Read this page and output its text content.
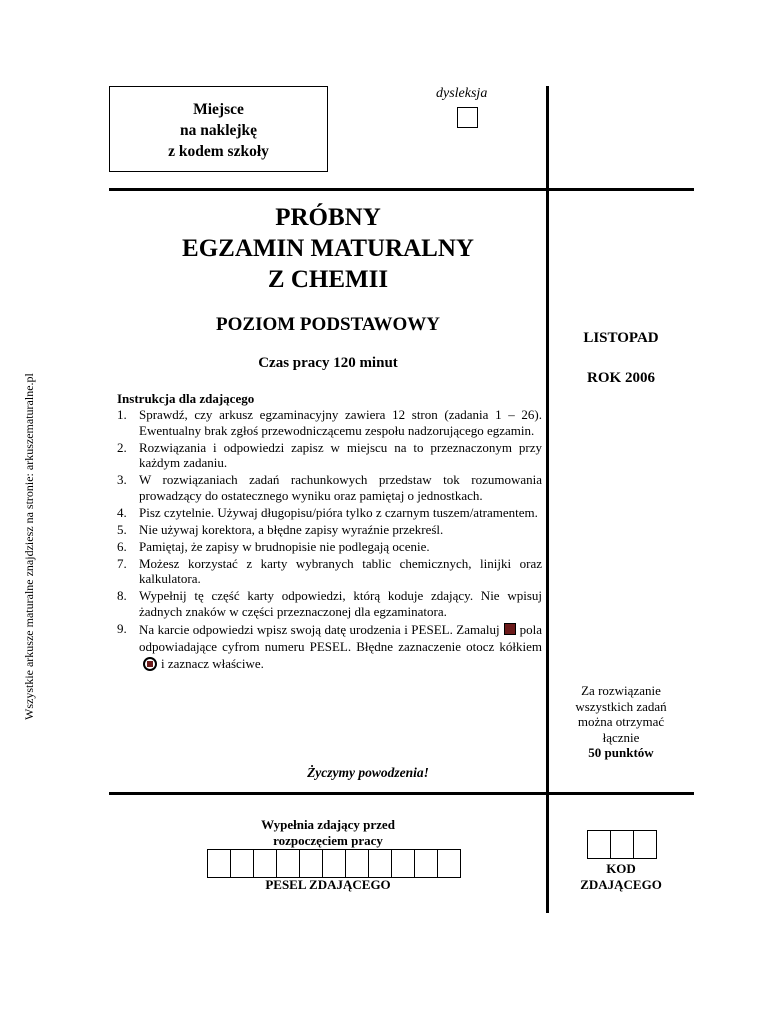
Wszystkie arkusze maturalne znajdziesz na stronie: arkuszematuralne.pl
Miejsce
na naklejkę
z kodem szkoły
dysleksja
PRÓBNY
EGZAMIN MATURALNY
Z CHEMII
POZIOM PODSTAWOWY
Czas pracy 120 minut
LISTOPAD
ROK 2006
Za rozwiązanie
wszystkich zadań
można otrzymać
łącznie
50 punktów
Instrukcja dla zdającego
1. Sprawdź, czy arkusz egzaminacyjny zawiera 12 stron (zadania 1 – 26). Ewentualny brak zgłoś przewodniczącemu zespołu nadzorującego egzamin.
2. Rozwiązania i odpowiedzi zapisz w miejscu na to przeznaczonym przy każdym zadaniu.
3. W rozwiązaniach zadań rachunkowych przedstaw tok rozumowania prowadzący do ostatecznego wyniku oraz pamiętaj o jednostkach.
4. Pisz czytelnie. Używaj długopisu/pióra tylko z czarnym tuszem/atramentem.
5. Nie używaj korektora, a błędne zapisy wyraźnie przekreśl.
6. Pamiętaj, że zapisy w brudnopisie nie podlegają ocenie.
7. Możesz korzystać z karty wybranych tablic chemicznych, linijki oraz kalkulatora.
8. Wypełnij tę część karty odpowiedzi, którą koduje zdający. Nie wpisuj żadnych znaków w części przeznaczonej dla egzaminatora.
9. Na karcie odpowiedzi wpisz swoją datę urodzenia i PESEL. Zamaluj pola odpowiadające cyfrom numeru PESEL. Błędne zaznaczenie otocz kółkiemi zaznacz właściwe.
Życzymy powodzenia!
Wypełnia zdający przed
rozpoczęciem pracy
PESEL ZDAJĄCEGO
KOD
ZDAJĄCEGO
